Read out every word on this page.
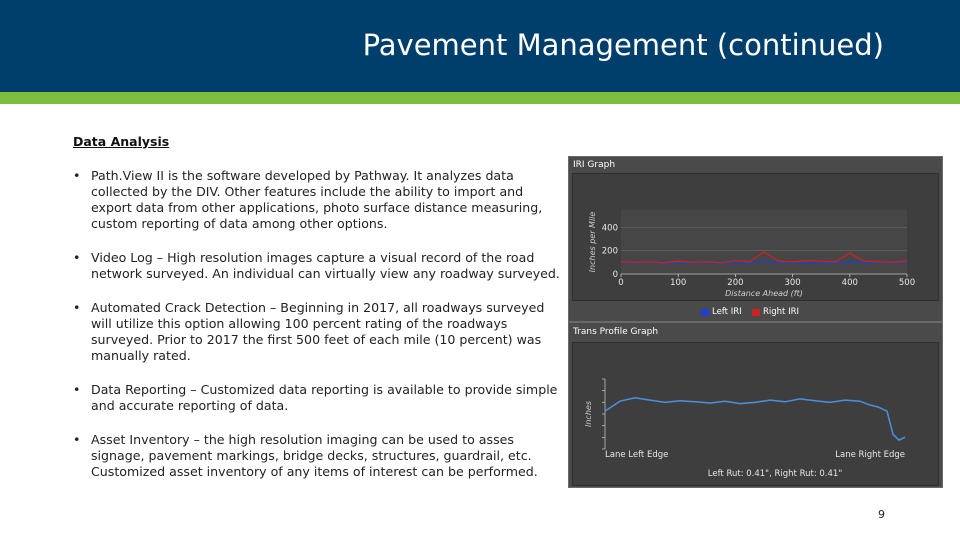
Pavement Management (continued)
Data Analysis
• Path.View II is the software developed by Pathway. It analyzes data collected by the DIV. Other features include the ability to import and export data from other applications, photo surface distance measuring, custom reporting of data among other options.
• Video Log – High resolution images capture a visual record of the road network surveyed. An individual can virtually view any roadway surveyed.
• Automated Crack Detection – Beginning in 2017, all roadways surveyed will utilize this option allowing 100 percent rating of the roadways surveyed. Prior to 2017 the first 500 feet of each mile (10 percent) was manually rated.
• Data Reporting – Customized data reporting is available to provide simple and accurate reporting of data.
• Asset Inventory – the high resolution imaging can be used to asses signage, pavement markings, bridge decks, structures, guardrail, etc. Customized asset inventory of any items of interest can be performed.
IRI Graph
0
200
400
0	100	200	300	400	500
Distance Ahead (ft)
Inches per Mile
Left IRI	Right IRI
Trans Profile Graph
Inches
Lane Left Edge	Lane Right Edge
Left Rut: 0.41", Right Rut: 0.41"
9
